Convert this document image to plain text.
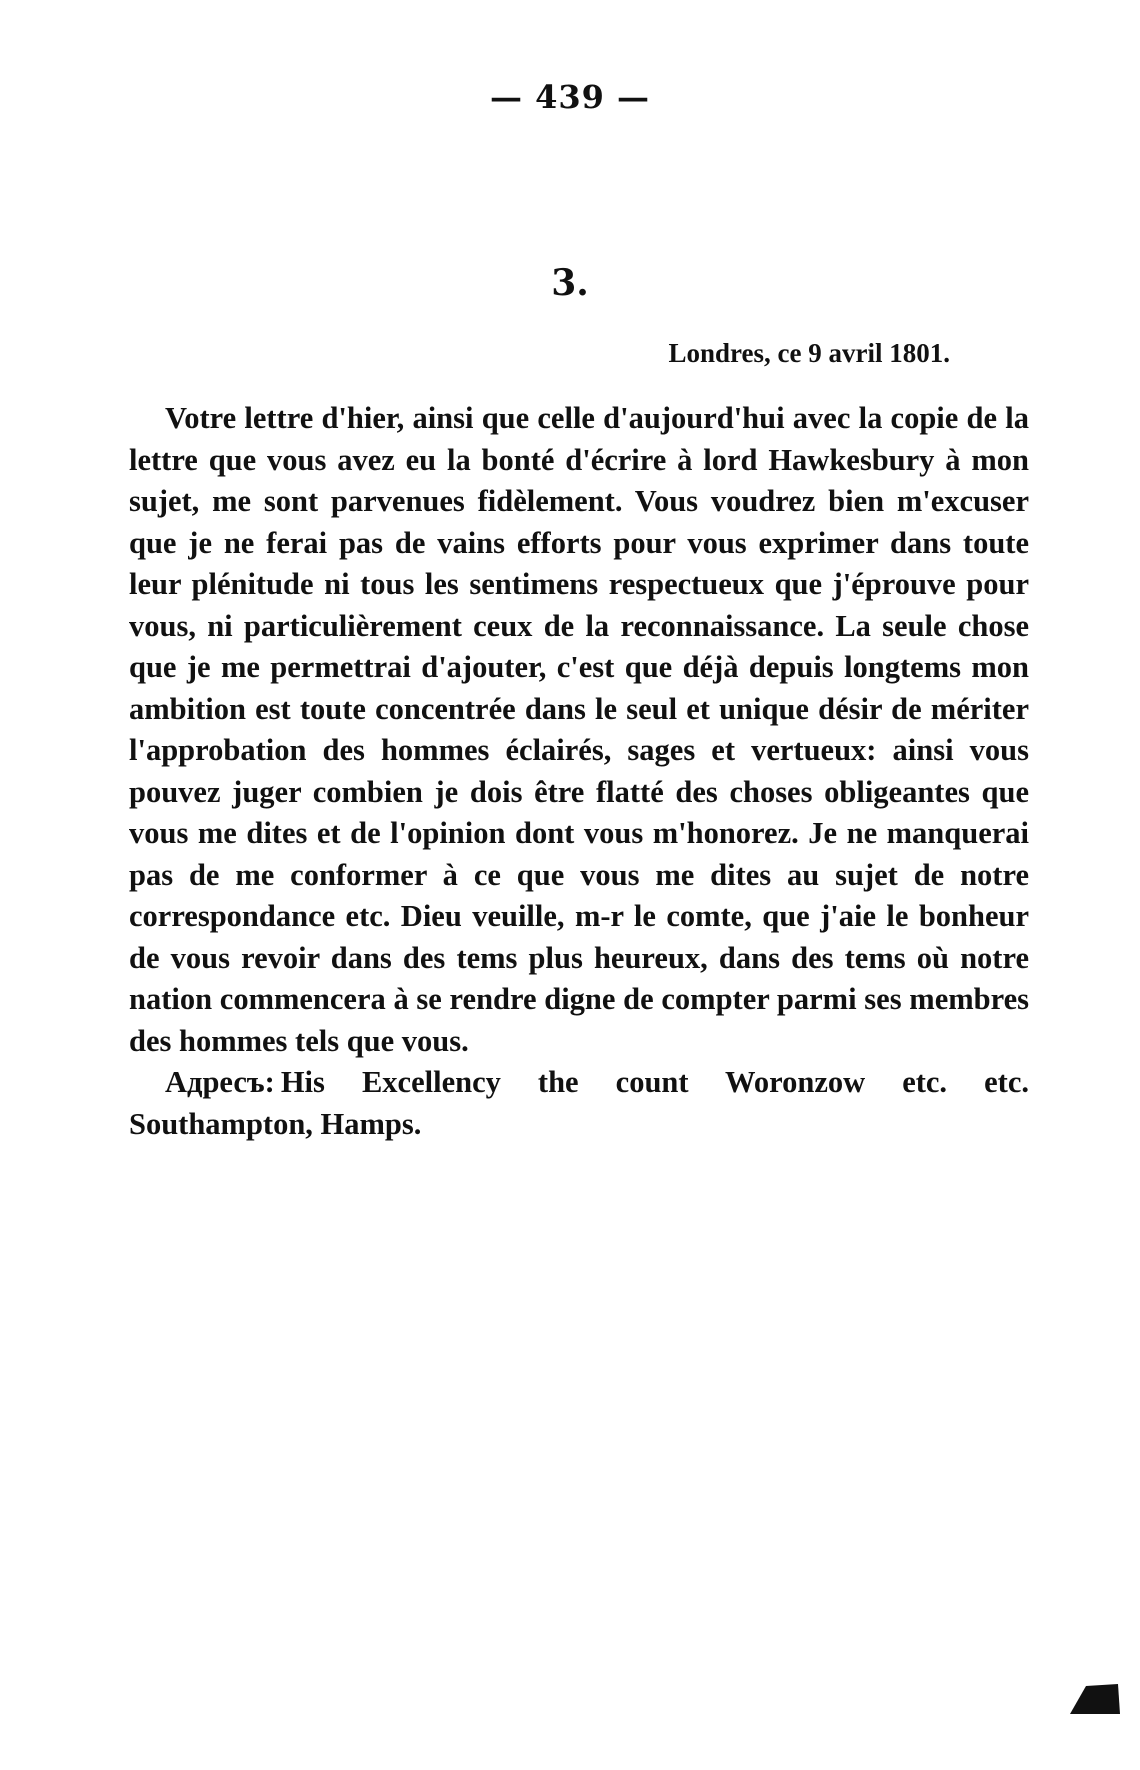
— 439 —
3.
Londres, ce 9 avril 1801.

Votre lettre d'hier, ainsi que celle d'aujourd'hui avec la copie de la lettre que vous avez eu la bonté d'écrire à lord Hawkesbury à mon sujet, me sont parvenues fidèlement. Vous voudrez bien m'excuser que je ne ferai pas de vains efforts pour vous exprimer dans toute leur plénitude ni tous les sentimens respectueux que j'éprouve pour vous, ni particulièrement ceux de la reconnaissance. La seule chose que je me permettrai d'ajouter, c'est que déjà depuis longtems mon ambition est toute concentrée dans le seul et unique désir de mériter l'approbation des hommes éclairés, sages et vertueux: ainsi vous pouvez juger combien je dois être flatté des choses obligeantes que vous me dites et de l'opinion dont vous m'honorez. Je ne manquerai pas de me conformer à ce que vous me dites au sujet de notre correspondance etc. Dieu veuille, m-r le comte, que j'aie le bonheur de vous revoir dans des tems plus heureux, dans des tems où notre nation commencera à se rendre digne de compter parmi ses membres des hommes tels que vous.

Адресъ: His Excellency the count Woronzow etc. etc. Southampton, Hamps.
